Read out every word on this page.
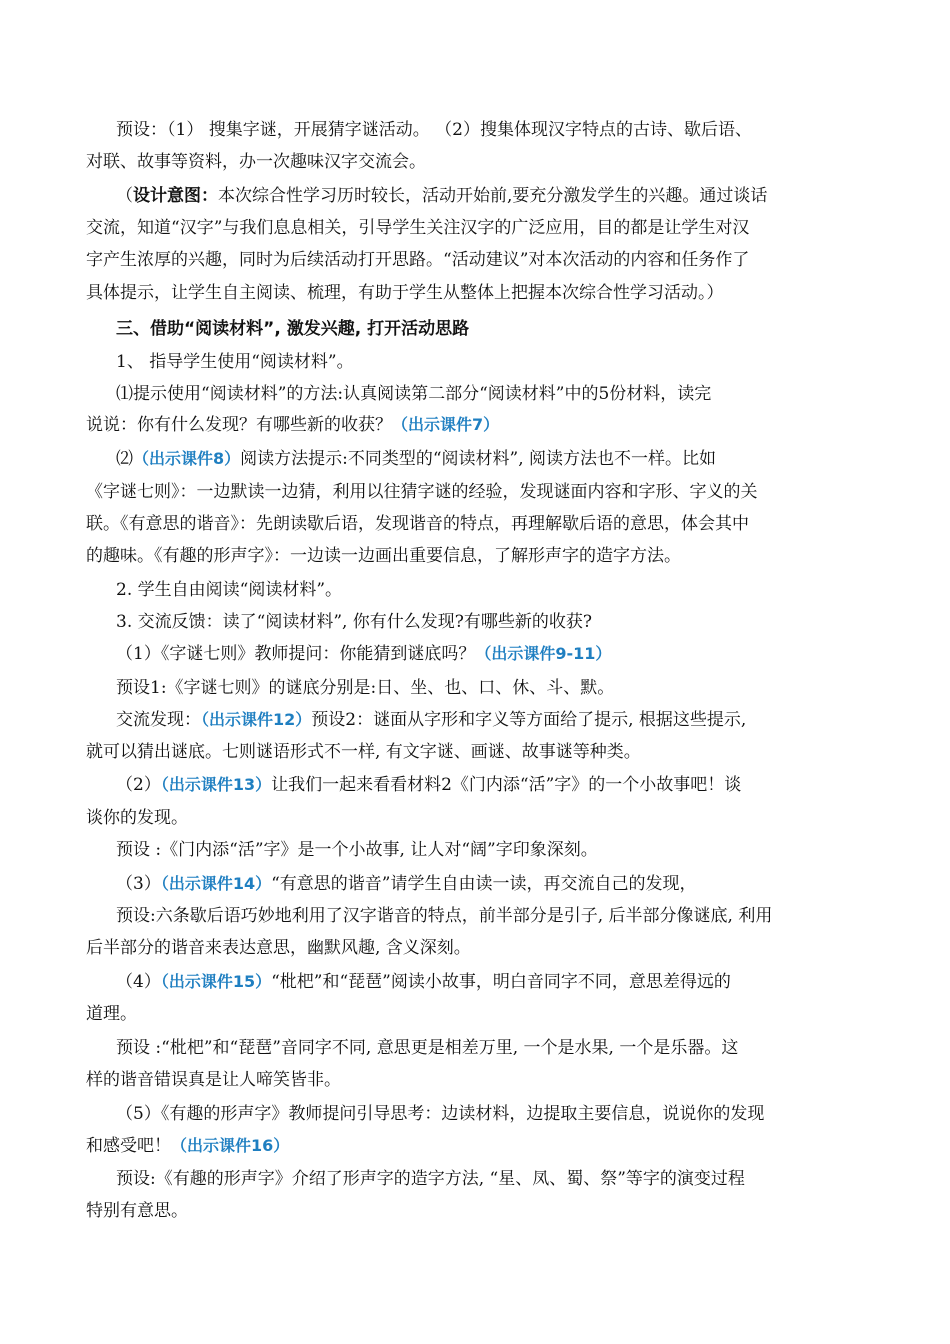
预设：（1） 搜集字谜，开展猜字谜活动。 （2）搜集体现汉字特点的古诗、歇后语、
对联、故事等资料，办一次趣味汉字交流会。
（设计意图：本次综合性学习历时较长，活动开始前,要充分激发学生的兴趣。通过谈话
交流，知道“汉字”与我们息息相关，引导学生关注汉字的广泛应用，目的都是让学生对汉
字产生浓厚的兴趣，同时为后续活动打开思路。“活动建议”对本次活动的内容和任务作了
具体提示，让学生自主阅读、梳理，有助于学生从整体上把握本次综合性学习活动。）
三、借助“阅读材料”, 激发兴趣, 打开活动思路
1、 指导学生使用“阅读材料”。
⑴提示使用“阅读材料”的方法:认真阅读第二部分“阅读材料”中的5份材料，读完
说说：你有什么发现？有哪些新的收获？（出示课件7）
⑵（出示课件8）阅读方法提示:不同类型的“阅读材料”, 阅读方法也不一样。比如
《字谜七则》：一边默读一边猜，利用以往猜字谜的经验，发现谜面内容和字形、字义的关
联。《有意思的谐音》：先朗读歇后语，发现谐音的特点，再理解歇后语的意思，体会其中
的趣味。《有趣的形声字》：一边读一边画出重要信息，了解形声字的造字方法。
2. 学生自由阅读“阅读材料”。
3. 交流反馈：读了“阅读材料”, 你有什么发现?有哪些新的收获?
（1）《字谜七则》教师提问：你能猜到谜底吗？（出示课件9-11）
预设1:《字谜七则》的谜底分别是:日、坐、也、口、休、斗、默。
交流发现：（出示课件12）预设2：谜面从字形和字义等方面给了提示, 根据这些提示,
就可以猜出谜底。七则谜语形式不一样, 有文字谜、画谜、故事谜等种类。
（2）（出示课件13）让我们一起来看看材料2《门内添“活”字》的一个小故事吧！谈
谈你的发现。
预设 :《门内添“活”字》是一个小故事, 让人对“阔”字印象深刻。
（3）（出示课件14）“有意思的谐音”请学生自由读一读，再交流自己的发现，
预设:六条歇后语巧妙地利用了汉字谐音的特点，前半部分是引子, 后半部分像谜底, 利用
后半部分的谐音来表达意思，幽默风趣, 含义深刻。
（4）（出示课件15）“枇杷”和“琵琶”阅读小故事，明白音同字不同，意思差得远的
道理。
预设 :“枇杷”和“琵琶”音同字不同, 意思更是相差万里, 一个是水果, 一个是乐器。这
样的谐音错误真是让人啼笑皆非。
（5）《有趣的形声字》教师提问引导思考：边读材料，边提取主要信息，说说你的发现
和感受吧！（出示课件16）
预设:《有趣的形声字》介绍了形声字的造字方法, “星、凤、蜀、祭”等字的演变过程
特别有意思。
